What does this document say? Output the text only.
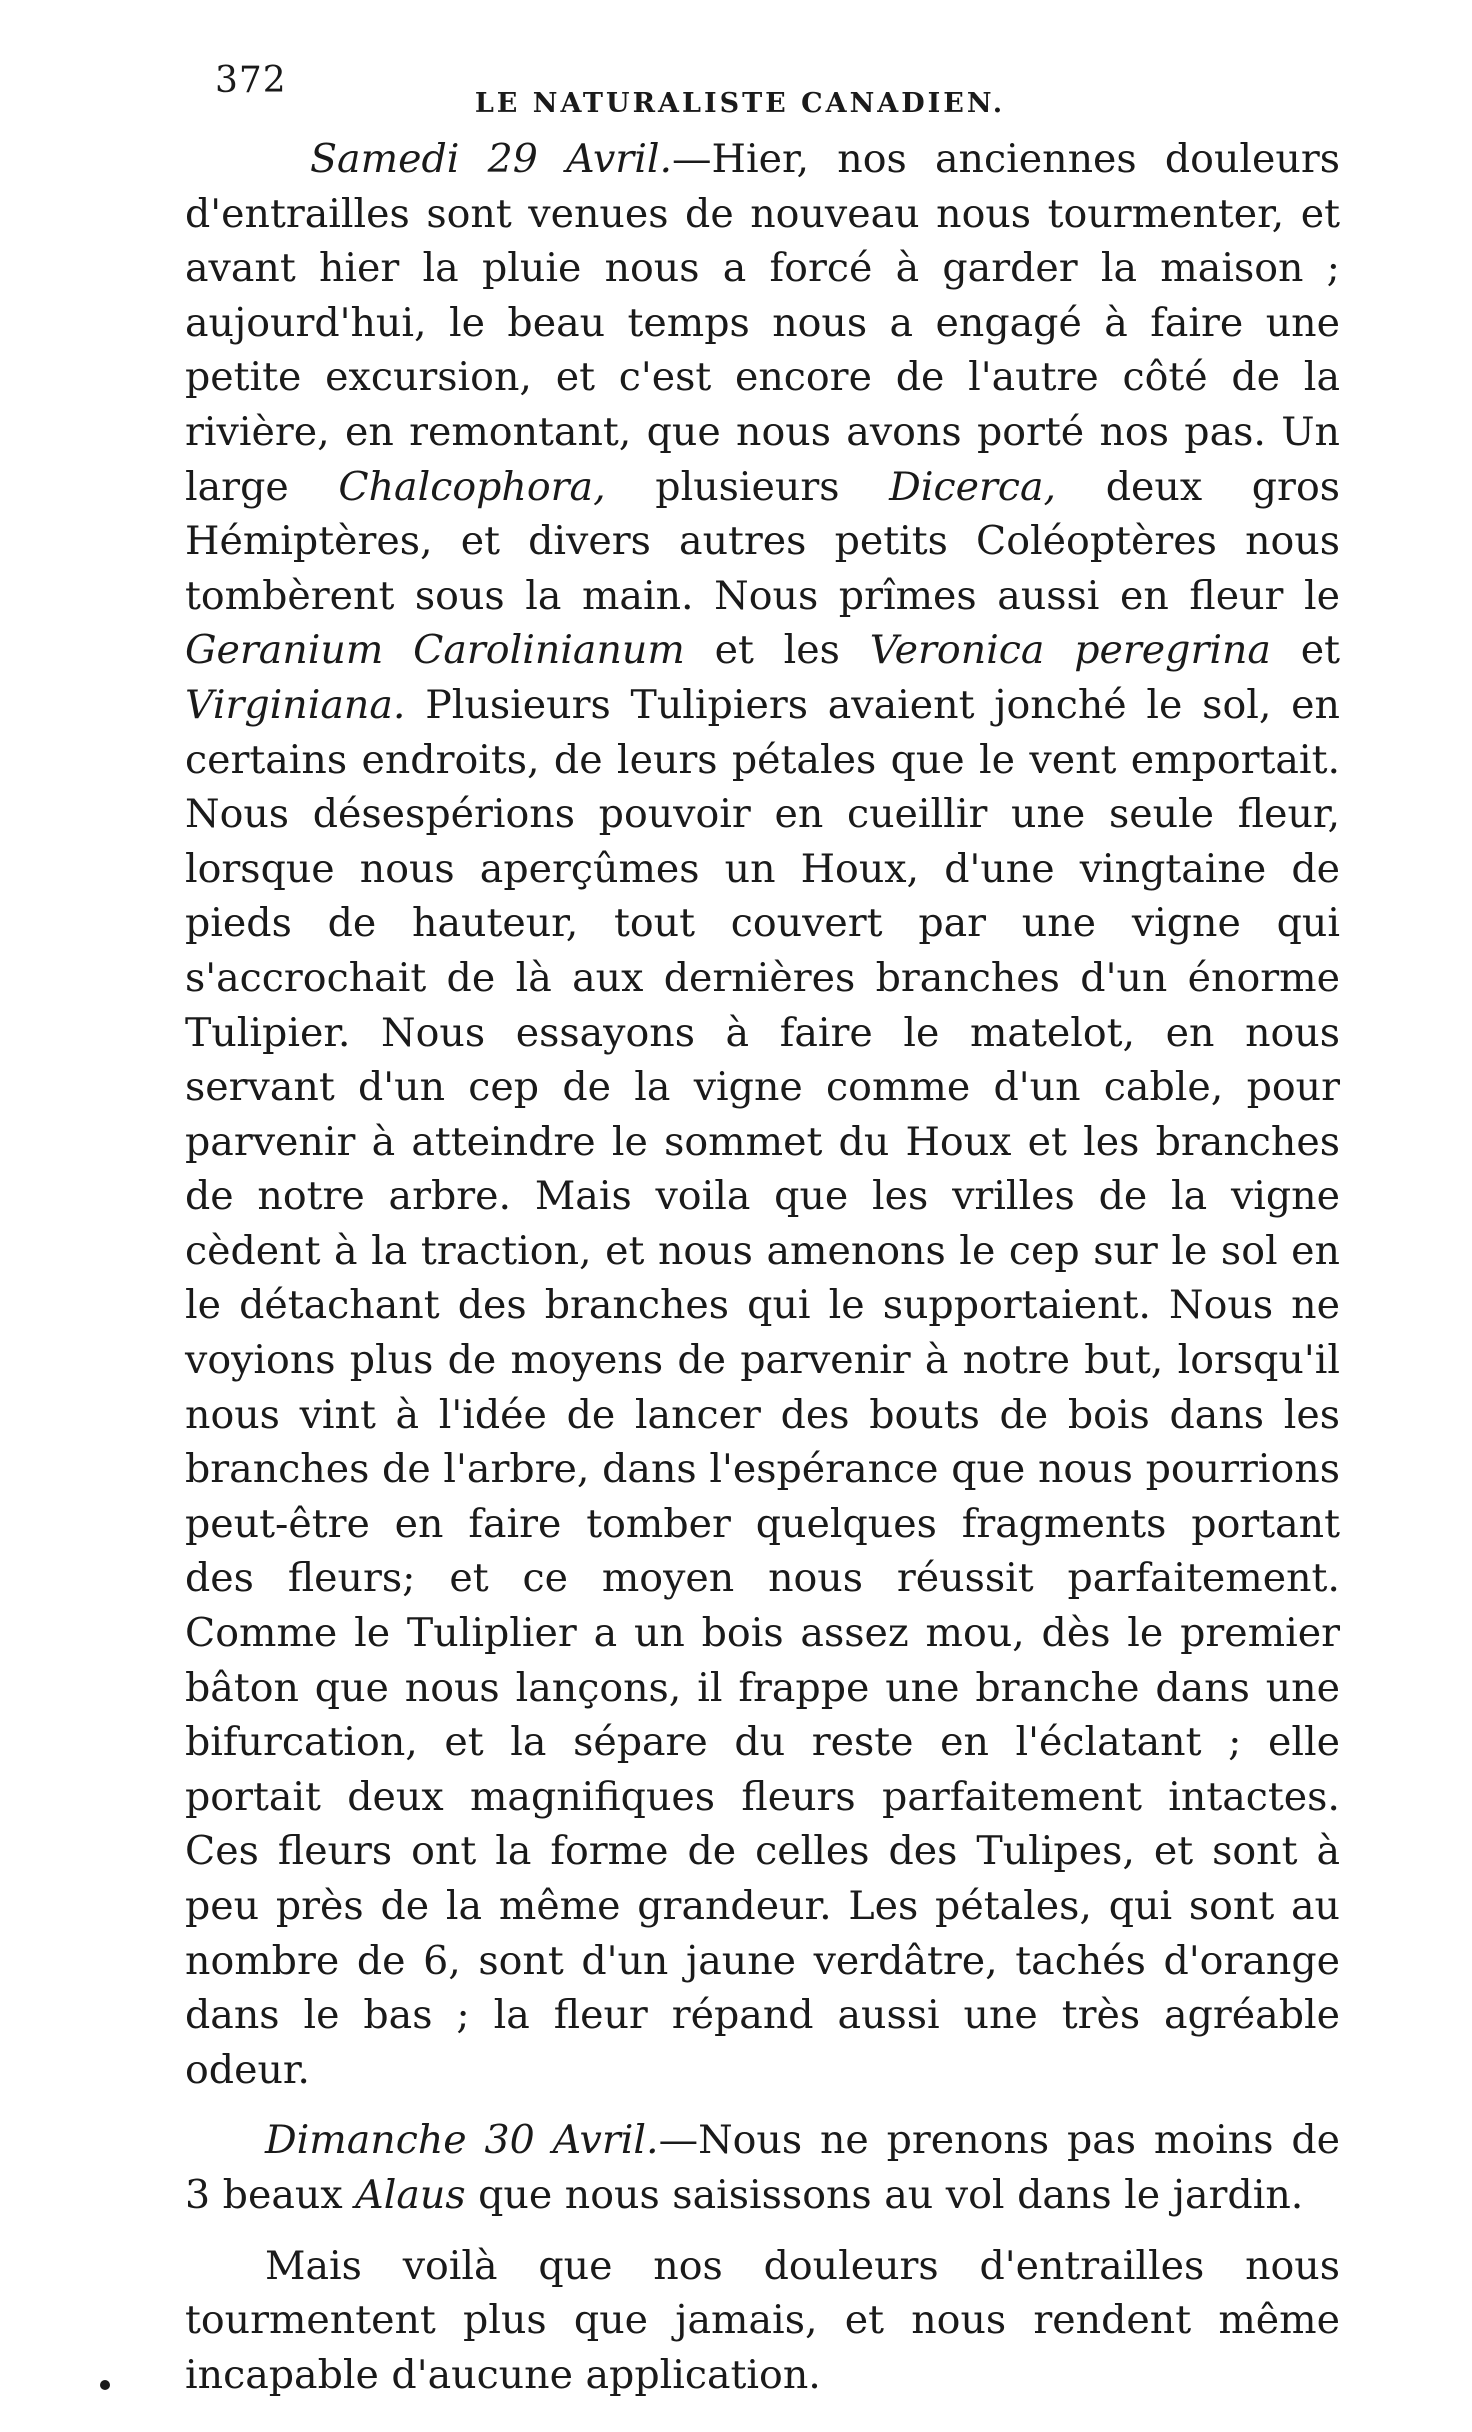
372
LE NATURALISTE CANADIEN.

Samedi 29 Avril.—Hier, nos anciennes douleurs d'entrailles sont venues de nouveau nous tourmenter, et avant hier la pluie nous a forcé à garder la maison ; aujourd'hui, le beau temps nous a engagé à faire une petite excursion, et c'est encore de l'autre côté de la rivière, en remontant, que nous avons porté nos pas. Un large Chalcophora, plusieurs Dicerca, deux gros Hémiptères, et divers autres petits Coléoptères nous tombèrent sous la main. Nous prîmes aussi en fleur le Geranium Carolinianum et les Veronica peregrina et Virginiana. Plusieurs Tulipiers avaient jonché le sol, en certains endroits, de leurs pétales que le vent emportait. Nous désespérions pouvoir en cueillir une seule fleur, lorsque nous aperçûmes un Houx, d'une vingtaine de pieds de hauteur, tout couvert par une vigne qui s'accrochait de là aux dernières branches d'un énorme Tulipier. Nous essayons à faire le matelot, en nous servant d'un cep de la vigne comme d'un cable, pour parvenir à atteindre le sommet du Houx et les branches de notre arbre. Mais voila que les vrilles de la vigne cèdent à la traction, et nous amenons le cep sur le sol en le détachant des branches qui le supportaient. Nous ne voyions plus de moyens de parvenir à notre but, lorsqu'il nous vint à l'idée de lancer des bouts de bois dans les branches de l'arbre, dans l'espérance que nous pourrions peut-être en faire tomber quelques fragments portant des fleurs; et ce moyen nous réussit parfaitement. Comme le Tuliplier a un bois assez mou, dès le premier bâton que nous lançons, il frappe une branche dans une bifurcation, et la sépare du reste en l'éclatant ; elle portait deux magnifiques fleurs parfaitement intactes. Ces fleurs ont la forme de celles des Tulipes, et sont à peu près de la même grandeur. Les pétales, qui sont au nombre de 6, sont d'un jaune verdâtre, tachés d'orange dans le bas ; la fleur répand aussi une très agréable odeur.

Dimanche 30 Avril.—Nous ne prenons pas moins de 3 beaux Alaus que nous saisissons au vol dans le jardin.

Mais voilà que nos douleurs d'entrailles nous tourmentent plus que jamais, et nous rendent même incapable d'aucune application.
